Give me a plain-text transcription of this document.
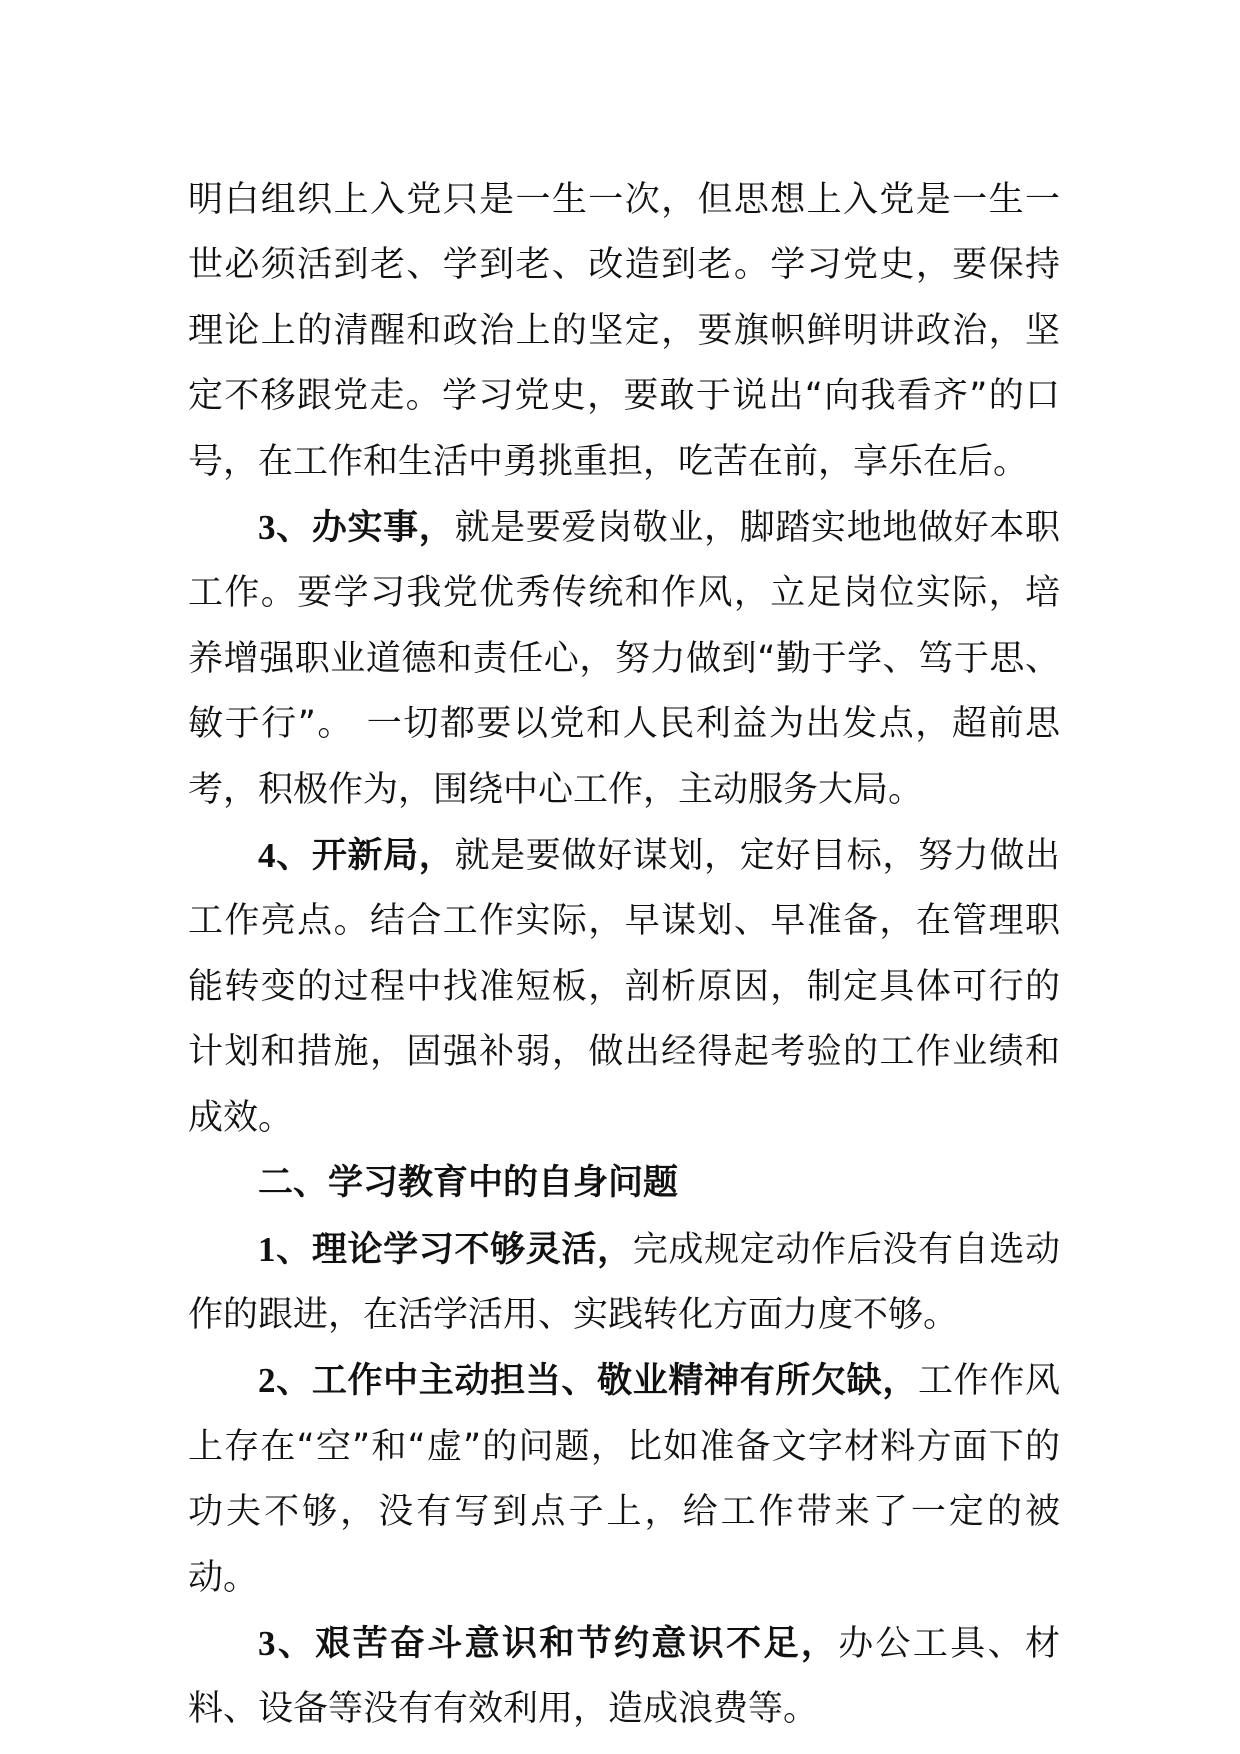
明白组织上入党只是一生一次，但思想上入党是一生一世必须活到老、学到老、改造到老。学习党史，要保持理论上的清醒和政治上的坚定，要旗帜鲜明讲政治，坚定不移跟党走。学习党史，要敢于说出“向我看齐”的口号，在工作和生活中勇挑重担，吃苦在前，享乐在后。

3、办实事，就是要爱岗敬业，脚踏实地地做好本职工作。要学习我党优秀传统和作风，立足岗位实际，培养增强职业道德和责任心，努力做到“勤于学、笃于思、敏于行”。 一切都要以党和人民利益为出发点，超前思考，积极作为，围绕中心工作，主动服务大局。

4、开新局，就是要做好谋划，定好目标，努力做出工作亮点。结合工作实际，早谋划、早准备，在管理职能转变的过程中找准短板，剖析原因，制定具体可行的计划和措施，固强补弱，做出经得起考验的工作业绩和成效。

二、学习教育中的自身问题

1、理论学习不够灵活，完成规定动作后没有自选动作的跟进，在活学活用、实践转化方面力度不够。

2、工作中主动担当、敬业精神有所欠缺，工作作风上存在“空”和“虚”的问题，比如准备文字材料方面下的功夫不够，没有写到点子上，给工作带来了一定的被动。

3、艰苦奋斗意识和节约意识不足，办公工具、材料、设备等没有有效利用，造成浪费等。
